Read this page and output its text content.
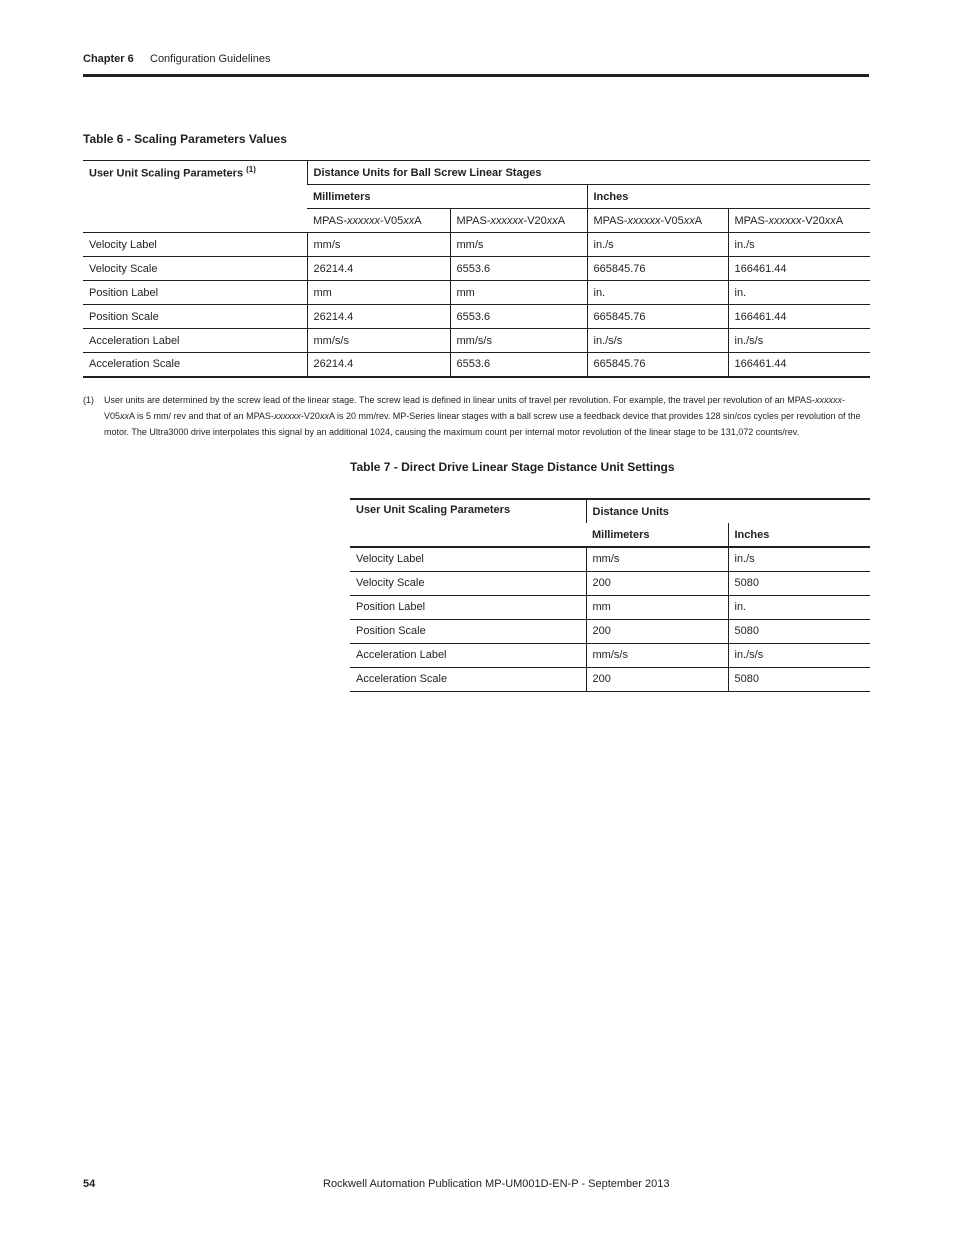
Chapter 6 Configuration Guidelines
Table 6 - Scaling Parameters Values
User Unit Scaling Parameters $^{(1)}$	Distance Units for Ball Screw Linear Stages			
	Millimeters		Inches	
	MPAS-xxxxxx-V05xxA	MPAS-xxxxxx-V20xxA	MPAS-xxxxxx-V05xxA	MPAS-xxxxxx-V20xxA
Velocity Label	mm/s	mm/s	in./s	in./s
Velocity Scale	26214.4	6553.6	665845.76	166461.44
Position Label	mm	mm	in.	in.
Position Scale	26214.4	6553.6	665845.76	166461.44
Acceleration Label	mm/s/s	mm/s/s	in./s/s	in./s/s
Acceleration Scale	26214.4	6553.6	665845.76	166461.44
(1) User units are determined by the screw lead of the linear stage. The screw lead is defined in linear units of travel per revolution. For example, the travel per revolution of an MPAS-xxxxxx-V05xxA is 5 mm/ rev and that of an MPAS-xxxxxx-V20xxA is 20 mm/rev. MP-Series linear stages with a ball screw use a feedback device that provides 128 sin/cos cycles per revolution of the motor. The Ultra3000 drive interpolates this signal by an additional 1024, causing the maximum count per internal motor revolution of the linear stage to be 131,072 counts/rev.
Table 7 - Direct Drive Linear Stage Distance Unit Settings
User Unit Scaling Parameters	Distance Units	
	Millimeters	Inches
Velocity Label	mm/s	in./s
Velocity Scale	200	5080
Position Label	mm	in.
Position Scale	200	5080
Acceleration Label	mm/s/s	in./s/s
Acceleration Scale	200	5080
54	Rockwell Automation Publication MP-UM001D-EN-P - September 2013
